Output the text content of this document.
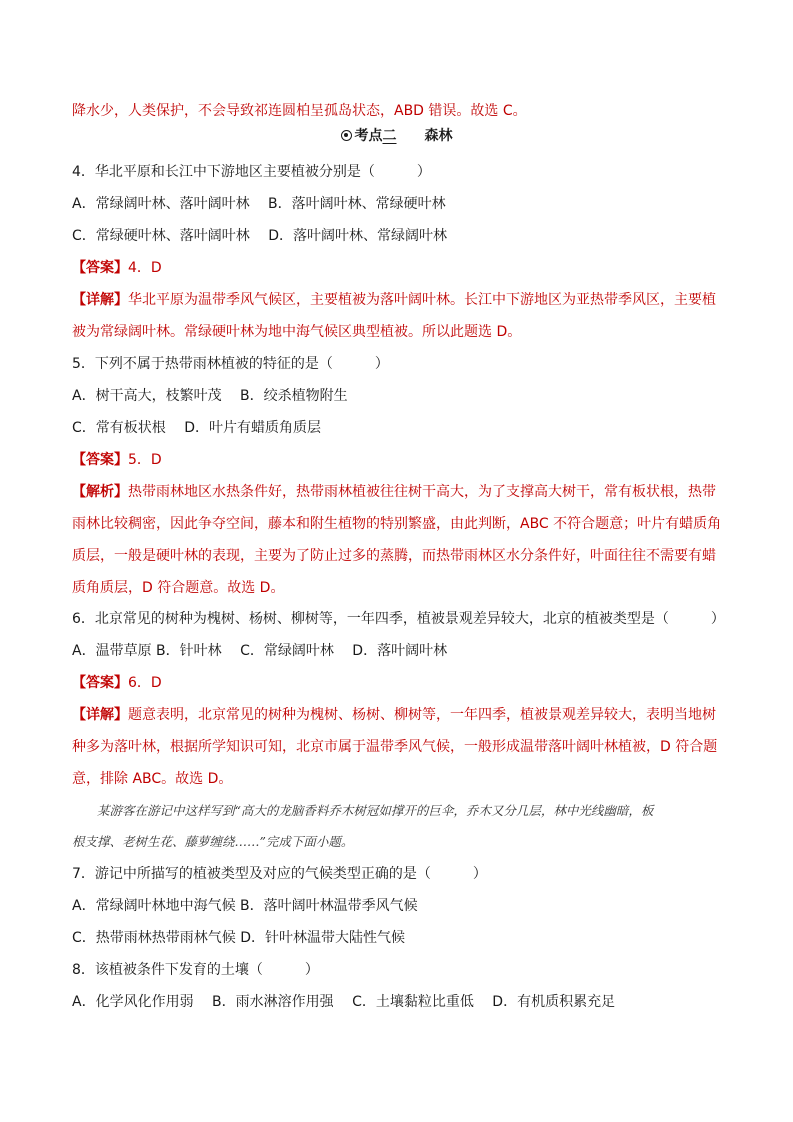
降水少，人类保护，不会导致祁连圆柏呈孤岛状态，ABD 错误。故选 C。
考点二　　 森林
4．华北平原和长江中下游地区主要植被分别是（　　　）
A．常绿阔叶林、落叶阔叶林　 B．落叶阔叶林、常绿硬叶林
C．常绿硬叶林、落叶阔叶林　 D．落叶阔叶林、常绿阔叶林
【答案】4．D
【详解】华北平原为温带季风气候区，主要植被为落叶阔叶林。长江中下游地区为亚热带季风区，主要植
被为常绿阔叶林。常绿硬叶林为地中海气候区典型植被。所以此题选 D。
5．下列不属于热带雨林植被的特征的是（　　　）
A．树干高大，枝繁叶茂　 B．绞杀植物附生
C．常有板状根　 D．叶片有蜡质角质层
【答案】5．D
【解析】热带雨林地区水热条件好，热带雨林植被往往树干高大，为了支撑高大树干，常有板状根，热带
雨林比较稠密，因此争夺空间，藤本和附生植物的特别繁盛，由此判断，ABC 不符合题意；叶片有蜡质角
质层，一般是硬叶林的表现，主要为了防止过多的蒸腾，而热带雨林区水分条件好，叶面往往不需要有蜡
质角质层，D 符合题意。故选 D。
6．北京常见的树种为槐树、杨树、柳树等，一年四季，植被景观差异较大，北京的植被类型是（　　　）
A．温带草原 B．针叶林　 C．常绿阔叶林　 D．落叶阔叶林
【答案】6．D
【详解】题意表明，北京常见的树种为槐树、杨树、柳树等，一年四季，植被景观差异较大，表明当地树
种多为落叶林，根据所学知识可知，北京市属于温带季风气候，一般形成温带落叶阔叶林植被，D 符合题
意，排除 ABC。故选 D。
　　某游客在游记中这样写到“高大的龙脑香料乔木树冠如撑开的巨伞，乔木又分几层，林中光线幽暗，板
根支撑、老树生花、藤萝缠绕……”完成下面小题。
7．游记中所描写的植被类型及对应的气候类型正确的是（　　　）
A．常绿阔叶林地中海气候 B．落叶阔叶林温带季风气候
C．热带雨林热带雨林气候 D．针叶林温带大陆性气候
8．该植被条件下发育的土壤（　　　）
A．化学风化作用弱　 B．雨水淋溶作用强　 C．土壤黏粒比重低　 D．有机质积累充足
